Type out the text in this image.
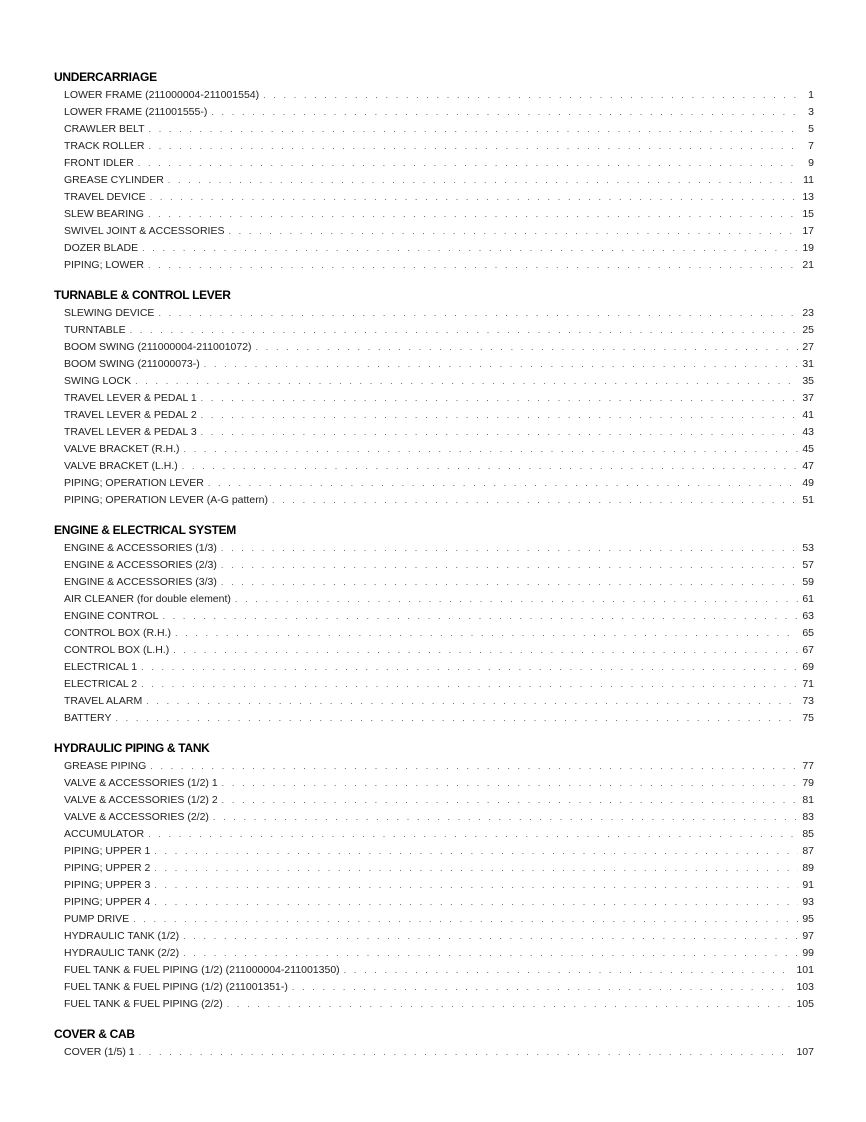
UNDERCARRIAGE
LOWER FRAME (211000004-211001554) . . .	1
LOWER FRAME (211001555-) . . .	3
CRAWLER BELT . . .	5
TRACK ROLLER . . .	7
FRONT IDLER . . .	9
GREASE CYLINDER . . .	11
TRAVEL DEVICE . . .	13
SLEW BEARING . . .	15
SWIVEL JOINT & ACCESSORIES . . .	17
DOZER BLADE . . .	19
PIPING; LOWER . . .	21
TURNABLE & CONTROL LEVER
SLEWING DEVICE . . .	23
TURNTABLE . . .	25
BOOM SWING (211000004-211001072) . . .	27
BOOM SWING (211000073-) . . .	31
SWING LOCK . . .	35
TRAVEL LEVER & PEDAL 1 . . .	37
TRAVEL LEVER & PEDAL 2 . . .	41
TRAVEL LEVER & PEDAL 3 . . .	43
VALVE BRACKET (R.H.) . . .	45
VALVE BRACKET (L.H.) . . .	47
PIPING; OPERATION LEVER . . .	49
PIPING; OPERATION LEVER (A-G pattern) . . .	51
ENGINE & ELECTRICAL SYSTEM
ENGINE & ACCESSORIES (1/3) . . .	53
ENGINE & ACCESSORIES (2/3) . . .	57
ENGINE & ACCESSORIES (3/3) . . .	59
AIR CLEANER (for double element) . . .	61
ENGINE CONTROL . . .	63
CONTROL BOX (R.H.) . . .	65
CONTROL BOX (L.H.) . . .	67
ELECTRICAL 1 . . .	69
ELECTRICAL 2 . . .	71
TRAVEL ALARM . . .	73
BATTERY . . .	75
HYDRAULIC PIPING & TANK
GREASE PIPING . . .	77
VALVE & ACCESSORIES (1/2) 1 . . .	79
VALVE & ACCESSORIES (1/2) 2 . . .	81
VALVE & ACCESSORIES (2/2) . . .	83
ACCUMULATOR . . .	85
PIPING; UPPER 1 . . .	87
PIPING; UPPER 2 . . .	89
PIPING; UPPER 3 . . .	91
PIPING; UPPER 4 . . .	93
PUMP DRIVE . . .	95
HYDRAULIC TANK (1/2) . . .	97
HYDRAULIC TANK (2/2) . . .	99
FUEL TANK & FUEL PIPING (1/2) (211000004-211001350) . . .	101
FUEL TANK & FUEL PIPING (1/2) (211001351-) . . .	103
FUEL TANK & FUEL PIPING (2/2) . . .	105
COVER & CAB
COVER (1/5) 1 . . .	107
